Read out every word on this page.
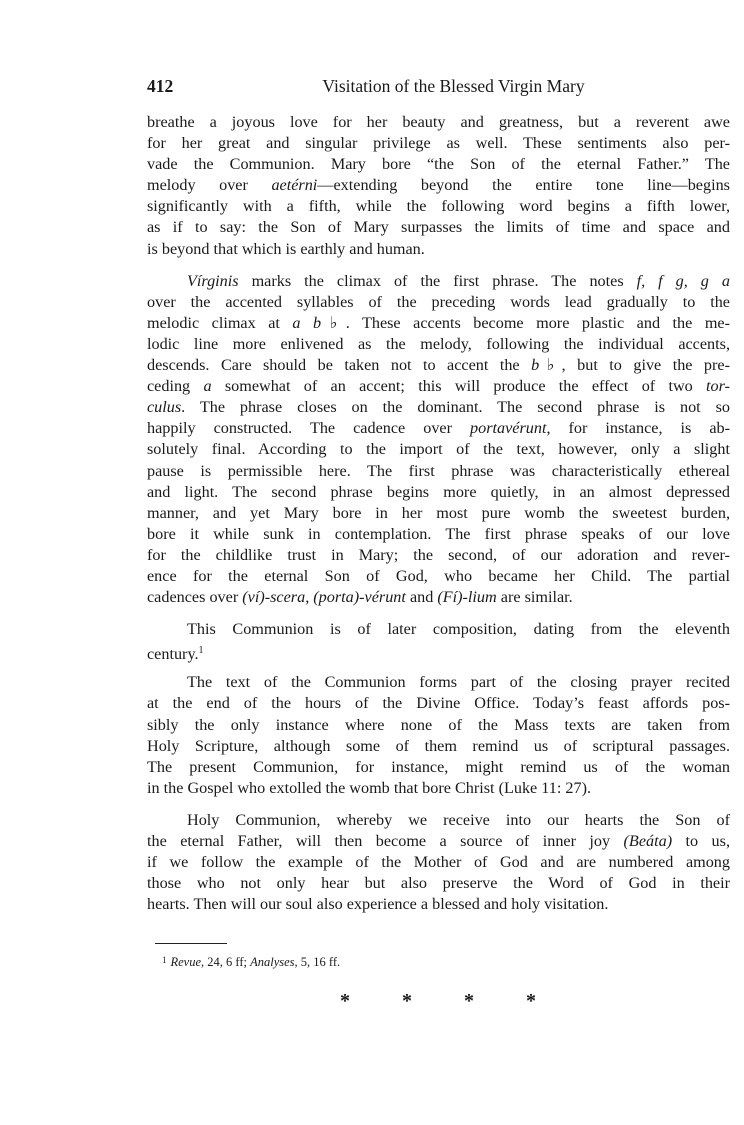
412	Visitation of the Blessed Virgin Mary
breathe a joyous love for her beauty and greatness, but a reverent awe
for her great and singular privilege as well. These sentiments also per-
vade the Communion. Mary bore “the Son of the eternal Father.” The
melody over aetérni—extending beyond the entire tone line—begins
significantly with a fifth, while the following word begins a fifth lower,
as if to say: the Son of Mary surpasses the limits of time and space and
is beyond that which is earthly and human.
Vírginis marks the climax of the first phrase. The notes f, f g, g a
over the accented syllables of the preceding words lead gradually to the
melodic climax at a b♭. These accents become more plastic and the me-
lodic line more enlivened as the melody, following the individual accents,
descends. Care should be taken not to accent the b♭, but to give the pre-
ceding a somewhat of an accent; this will produce the effect of two tor-
culus. The phrase closes on the dominant. The second phrase is not so
happily constructed. The cadence over portavérunt, for instance, is ab-
solutely final. According to the import of the text, however, only a slight
pause is permissible here. The first phrase was characteristically ethereal
and light. The second phrase begins more quietly, in an almost depressed
manner, and yet Mary bore in her most pure womb the sweetest burden,
bore it while sunk in contemplation. The first phrase speaks of our love
for the childlike trust in Mary; the second, of our adoration and rever-
ence for the eternal Son of God, who became her Child. The partial
cadences over (ví)-scera, (porta)-vérunt and (Fí)-lium are similar.
This Communion is of later composition, dating from the eleventh
century.$^1$
The text of the Communion forms part of the closing prayer recited
at the end of the hours of the Divine Office. Today’s feast affords pos-
sibly the only instance where none of the Mass texts are taken from
Holy Scripture, although some of them remind us of scriptural passages.
The present Communion, for instance, might remind us of the woman
in the Gospel who extolled the womb that bore Christ (Luke 11: 27).
Holy Communion, whereby we receive into our hearts the Son of
the eternal Father, will then become a source of inner joy (Beáta) to us,
if we follow the example of the Mother of God and are numbered among
those who not only hear but also preserve the Word of God in their
hearts. Then will our soul also experience a blessed and holy visitation.
$^1$ Revue, 24, 6 ff; Analyses, 5, 16 ff.
*	*	*	*
